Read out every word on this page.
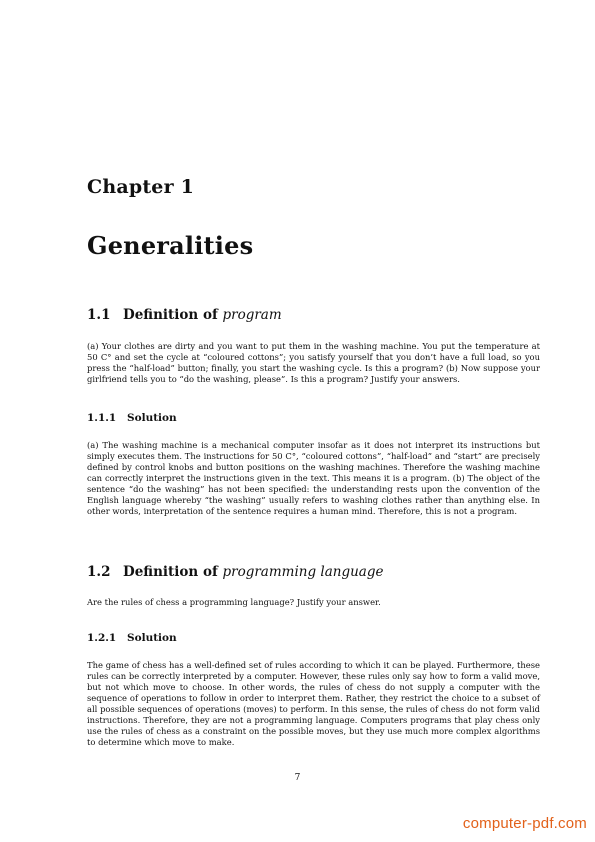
Chapter 1
Generalities
1.1 Definition of program

(a) Your clothes are dirty and you want to put them in the washing machine. You put the temperature at 50 C° and set the cycle at “coloured cottons”; you satisfy yourself that you don’t have a full load, so you press the “half-load” button; finally, you start the washing cycle. Is this a program? (b) Now suppose your girlfriend tells you to “do the washing, please”. Is this a program? Justify your answers.

1.1.1 Solution

(a) The washing machine is a mechanical computer insofar as it does not interpret its instructions but simply executes them. The instructions for 50 C°, “coloured cottons”, “half-load” and “start” are precisely defined by control knobs and button positions on the washing machines. Therefore the washing machine can correctly interpret the instructions given in the text. This means it is a program. (b) The object of the sentence “do the washing” has not been specified: the understanding rests upon the convention of the English language whereby “the washing” usually refers to washing clothes rather than anything else. In other words, interpretation of the sentence requires a human mind. Therefore, this is not a program.

1.2 Definition of programming language

Are the rules of chess a programming language? Justify your answer.

1.2.1 Solution

The game of chess has a well-defined set of rules according to which it can be played. Furthermore, these rules can be correctly interpreted by a computer. However, these rules only say how to form a valid move, but not which move to choose. In other words, the rules of chess do not supply a computer with the sequence of operations to follow in order to interpret them. Rather, they restrict the choice to a subset of all possible sequences of operations (moves) to perform. In this sense, the rules of chess do not form valid instructions. Therefore, they are not a programming language. Computers programs that play chess only use the rules of chess as a constraint on the possible moves, but they use much more complex algorithms to determine which move to make.

7
computer-pdf.com
